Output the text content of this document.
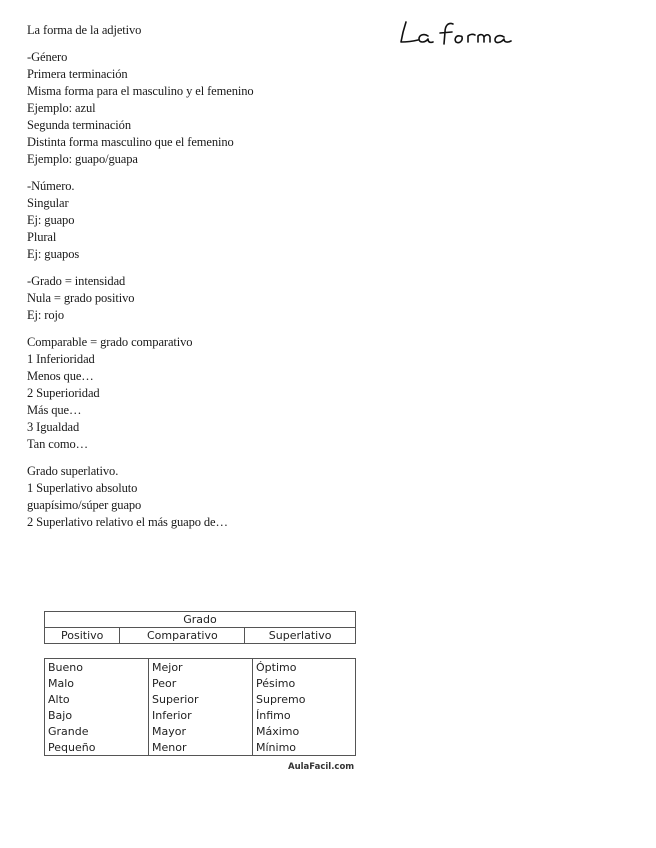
La forma de la adjetivo
-Género
Primera terminación
Misma forma para el masculino y el femenino
Ejemplo: azul
Segunda terminación
Distinta forma masculino que el femenino
Ejemplo: guapo/guapa
-Número.
Singular
Ej: guapo
Plural
Ej: guapos
-Grado = intensidad
Nula = grado positivo
Ej: rojo
Comparable = grado comparativo
1 Inferioridad
Menos que…
2 Superioridad
Más que…
3 Igualdad
Tan como…
Grado superlativo.
1 Superlativo absoluto
guapísimo/súper guapo
2 Superlativo relativo el más guapo de…
Grado
Positivo	Comparativo	Superlativo
Bueno	Mejor	Óptimo
Malo	Peor	Pésimo
Alto	Superior	Supremo
Bajo	Inferior	Ínfimo
Grande	Mayor	Máximo
Pequeño	Menor	Mínimo
AulaFacil.com
